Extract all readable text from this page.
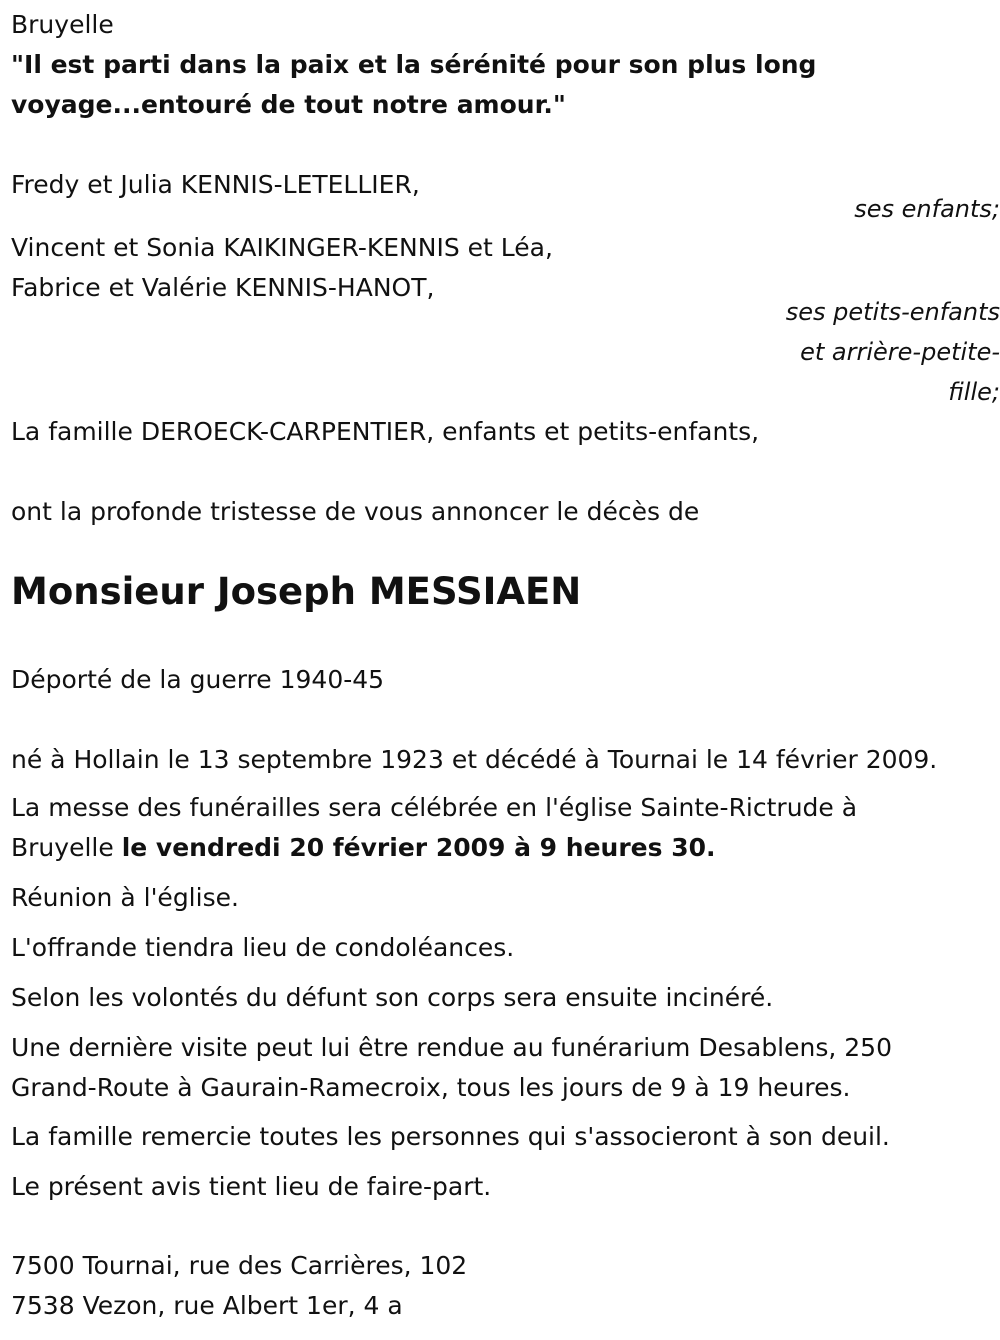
Bruyelle
"Il est parti dans la paix et la sérénité pour son plus long
voyage...entouré de tout notre amour."
Fredy et Julia KENNIS-LETELLIER,
ses enfants;
Vincent et Sonia KAIKINGER-KENNIS et Léa,
Fabrice et Valérie KENNIS-HANOT,
ses petits-enfants
et arrière-petite-
fille;
La famille DEROECK-CARPENTIER, enfants et petits-enfants,
ont la profonde tristesse de vous annoncer le décès de
Monsieur Joseph MESSIAEN
Déporté de la guerre 1940-45
né à Hollain le 13 septembre 1923 et décédé à Tournai le 14 février 2009.
La messe des funérailles sera célébrée en l'église Sainte-Rictrude à
Bruyelle le vendredi 20 février 2009 à 9 heures 30.
Réunion à l'église.
L'offrande tiendra lieu de condoléances.
Selon les volontés du défunt son corps sera ensuite incinéré.
Une dernière visite peut lui être rendue au funérarium Desablens, 250
Grand-Route à Gaurain-Ramecroix, tous les jours de 9 à 19 heures.
La famille remercie toutes les personnes qui s'associeront à son deuil.
Le présent avis tient lieu de faire-part.
7500 Tournai, rue des Carrières, 102
7538 Vezon, rue Albert 1er, 4 a
